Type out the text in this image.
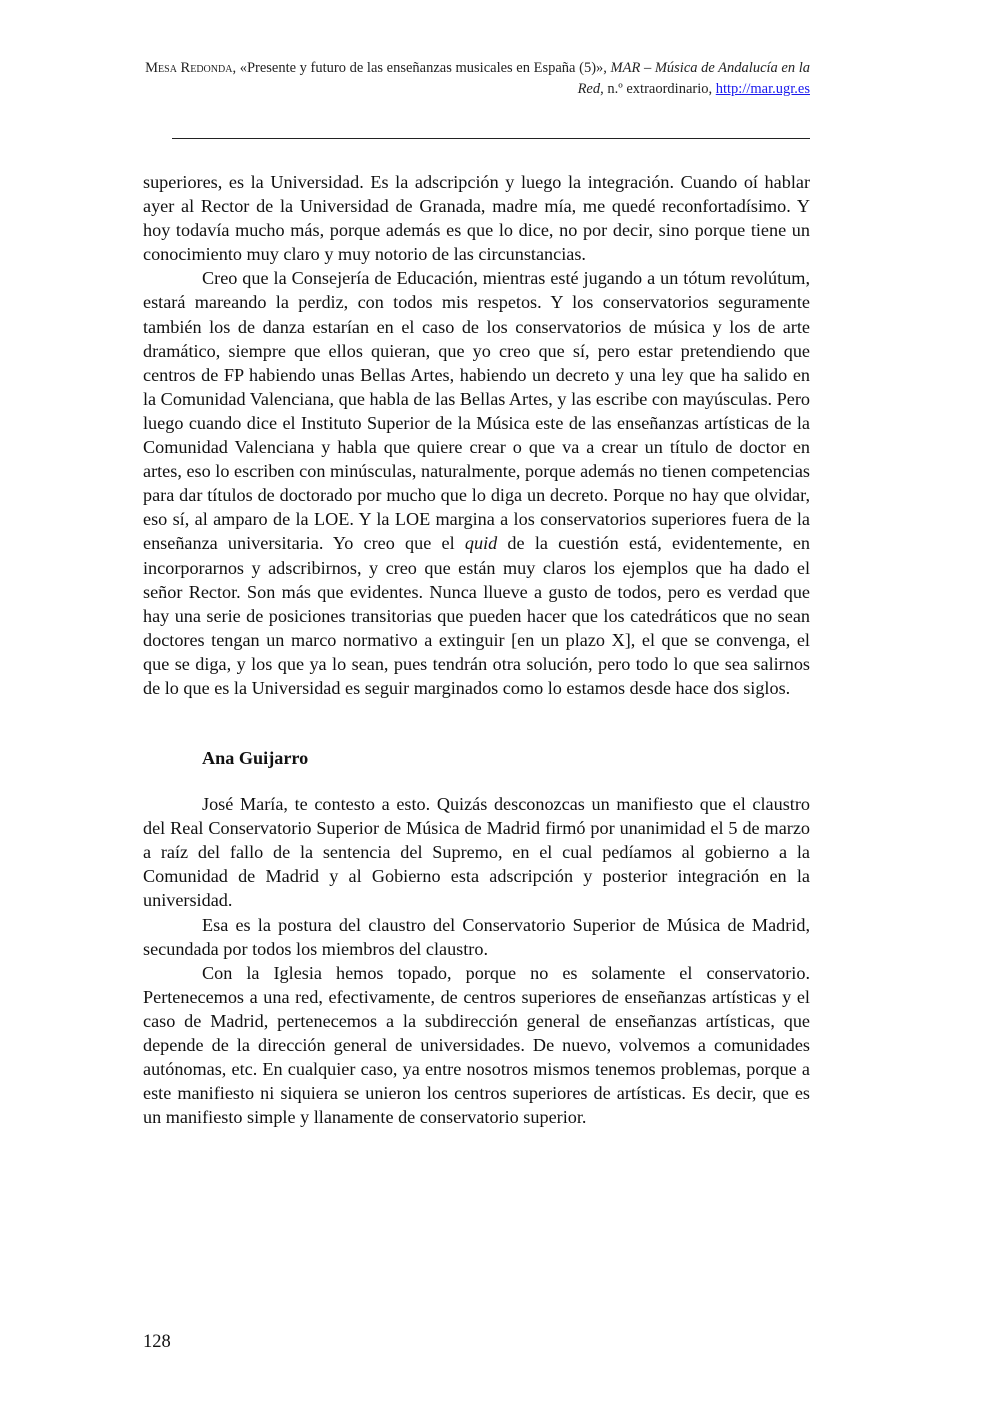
Mesa Redonda, «Presente y futuro de las enseñanzas musicales en España (5)», MAR – Música de Andalucía en la Red, n.º extraordinario, http://mar.ugr.es

superiores, es la Universidad. Es la adscripción y luego la integración. Cuando oí hablar ayer al Rector de la Universidad de Granada, madre mía, me quedé reconfortadísimo. Y hoy todavía mucho más, porque además es que lo dice, no por decir, sino porque tiene un conocimiento muy claro y muy notorio de las circunstancias.

Creo que la Consejería de Educación, mientras esté jugando a un tótum revolútum, estará mareando la perdiz, con todos mis respetos. Y los conservatorios seguramente también los de danza estarían en el caso de los conservatorios de música y los de arte dramático, siempre que ellos quieran, que yo creo que sí, pero estar pretendiendo que centros de FP habiendo unas Bellas Artes, habiendo un decreto y una ley que ha salido en la Comunidad Valenciana, que habla de las Bellas Artes, y las escribe con mayúsculas. Pero luego cuando dice el Instituto Superior de la Música este de las enseñanzas artísticas de la Comunidad Valenciana y habla que quiere crear o que va a crear un título de doctor en artes, eso lo escriben con minúsculas, naturalmente, porque además no tienen competencias para dar títulos de doctorado por mucho que lo diga un decreto. Porque no hay que olvidar, eso sí, al amparo de la LOE. Y la LOE margina a los conservatorios superiores fuera de la enseñanza universitaria. Yo creo que el quid de la cuestión está, evidentemente, en incorporarnos y adscribirnos, y creo que están muy claros los ejemplos que ha dado el señor Rector. Son más que evidentes. Nunca llueve a gusto de todos, pero es verdad que hay una serie de posiciones transitorias que pueden hacer que los catedráticos que no sean doctores tengan un marco normativo a extinguir [en un plazo X], el que se convenga, el que se diga, y los que ya lo sean, pues tendrán otra solución, pero todo lo que sea salirnos de lo que es la Universidad es seguir marginados como lo estamos desde hace dos siglos.

Ana Guijarro

José María, te contesto a esto. Quizás desconozcas un manifiesto que el claustro del Real Conservatorio Superior de Música de Madrid firmó por unanimidad el 5 de marzo a raíz del fallo de la sentencia del Supremo, en el cual pedíamos al gobierno a la Comunidad de Madrid y al Gobierno esta adscripción y posterior integración en la universidad.

Esa es la postura del claustro del Conservatorio Superior de Música de Madrid, secundada por todos los miembros del claustro.

Con la Iglesia hemos topado, porque no es solamente el conservatorio. Pertenecemos a una red, efectivamente, de centros superiores de enseñanzas artísticas y el caso de Madrid, pertenecemos a la subdirección general de enseñanzas artísticas, que depende de la dirección general de universidades. De nuevo, volvemos a comunidades autónomas, etc. En cualquier caso, ya entre nosotros mismos tenemos problemas, porque a este manifiesto ni siquiera se unieron los centros superiores de artísticas. Es decir, que es un manifiesto simple y llanamente de conservatorio superior.

128
